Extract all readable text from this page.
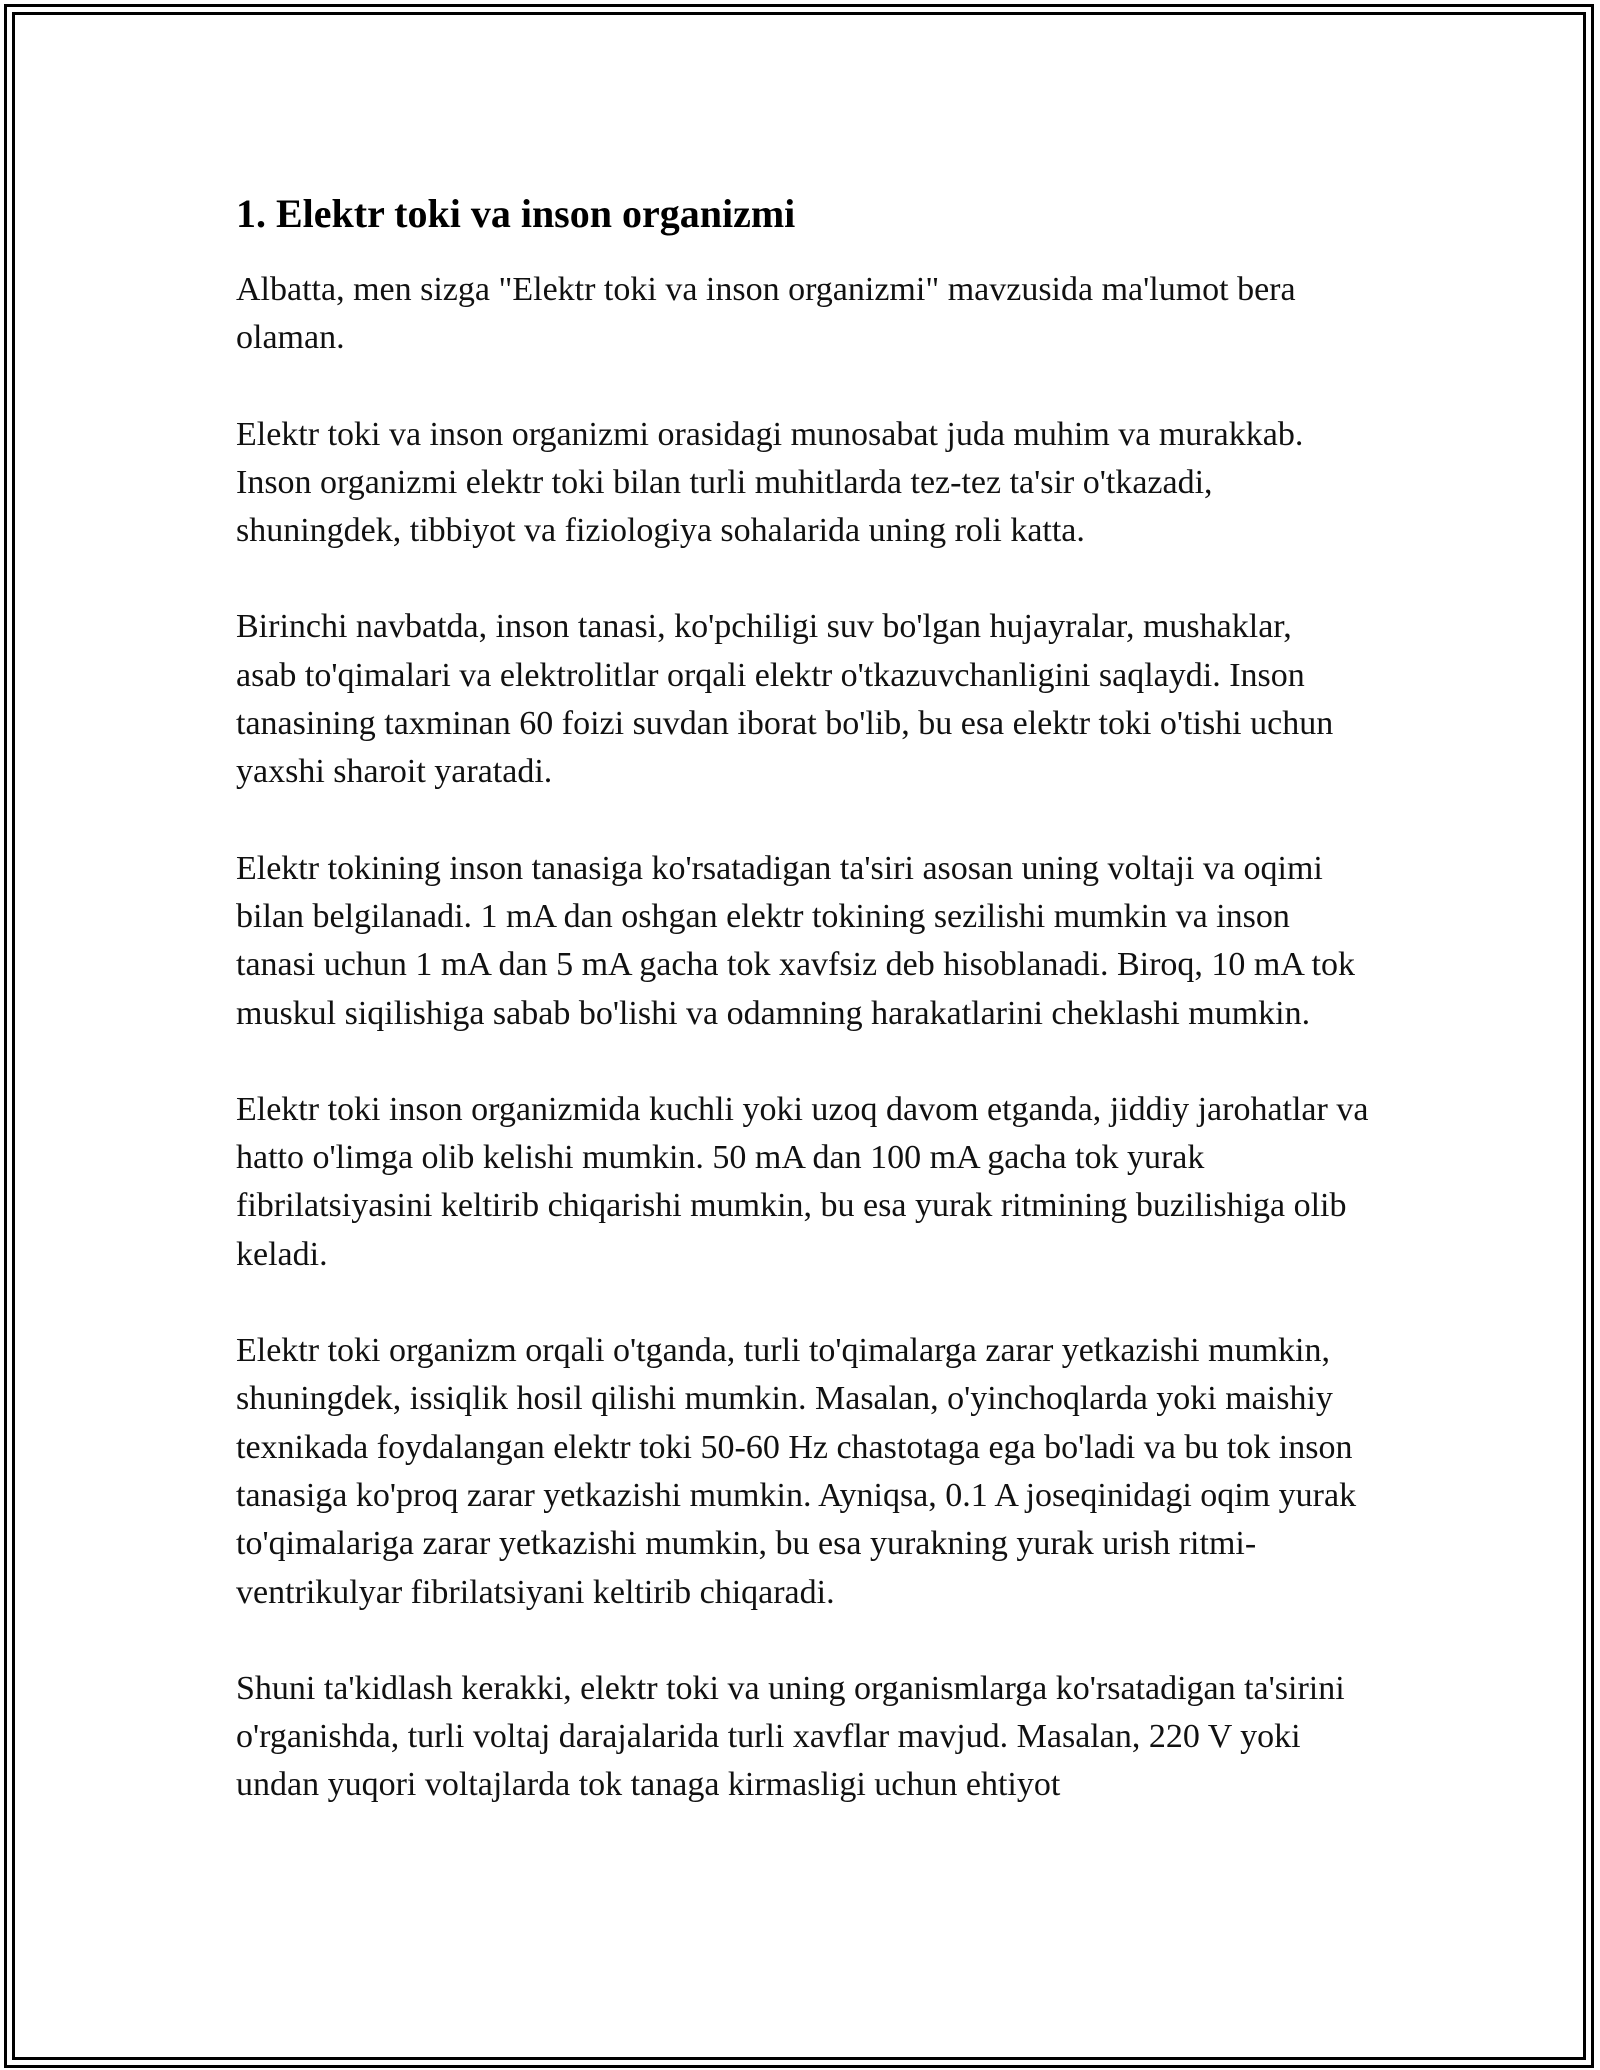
1. Elektr toki va inson organizmi

Albatta, men sizga "Elektr toki va inson organizmi" mavzusida ma'lumot bera olaman.

Elektr toki va inson organizmi orasidagi munosabat juda muhim va murakkab. Inson organizmi elektr toki bilan turli muhitlarda tez-tez ta'sir o'tkazadi, shuningdek, tibbiyot va fiziologiya sohalarida uning roli katta.

Birinchi navbatda, inson tanasi, ko'pchiligi suv bo'lgan hujayralar, mushaklar, asab to'qimalari va elektrolitlar orqali elektr o'tkazuvchanligini saqlaydi. Inson tanasining taxminan 60 foizi suvdan iborat bo'lib, bu esa elektr toki o'tishi uchun yaxshi sharoit yaratadi.

Elektr tokining inson tanasiga ko'rsatadigan ta'siri asosan uning voltaji va oqimi bilan belgilanadi. 1 mA dan oshgan elektr tokining sezilishi mumkin va inson tanasi uchun 1 mA dan 5 mA gacha tok xavfsiz deb hisoblanadi. Biroq, 10 mA tok muskul siqilishiga sabab bo'lishi va odamning harakatlarini cheklashi mumkin.

Elektr toki inson organizmida kuchli yoki uzoq davom etganda, jiddiy jarohatlar va hatto o'limga olib kelishi mumkin. 50 mA dan 100 mA gacha tok yurak fibrilatsiyasini keltirib chiqarishi mumkin, bu esa yurak ritmining buzilishiga olib keladi.

Elektr toki organizm orqali o'tganda, turli to'qimalarga zarar yetkazishi mumkin, shuningdek, issiqlik hosil qilishi mumkin. Masalan, o'yinchoqlarda yoki maishiy texnikada foydalangan elektr toki 50-60 Hz chastotaga ega bo'ladi va bu tok inson tanasiga ko'proq zarar yetkazishi mumkin. Ayniqsa, 0.1 A joseqinidagi oqim yurak to'qimalariga zarar yetkazishi mumkin, bu esa yurakning yurak urish ritmi-ventrikulyar fibrilatsiyani keltirib chiqaradi.

Shuni ta'kidlash kerakki, elektr toki va uning organismlarga ko'rsatadigan ta'sirini o'rganishda, turli voltaj darajalarida turli xavflar mavjud. Masalan, 220 V yoki undan yuqori voltajlarda tok tanaga kirmasligi uchun ehtiyot
